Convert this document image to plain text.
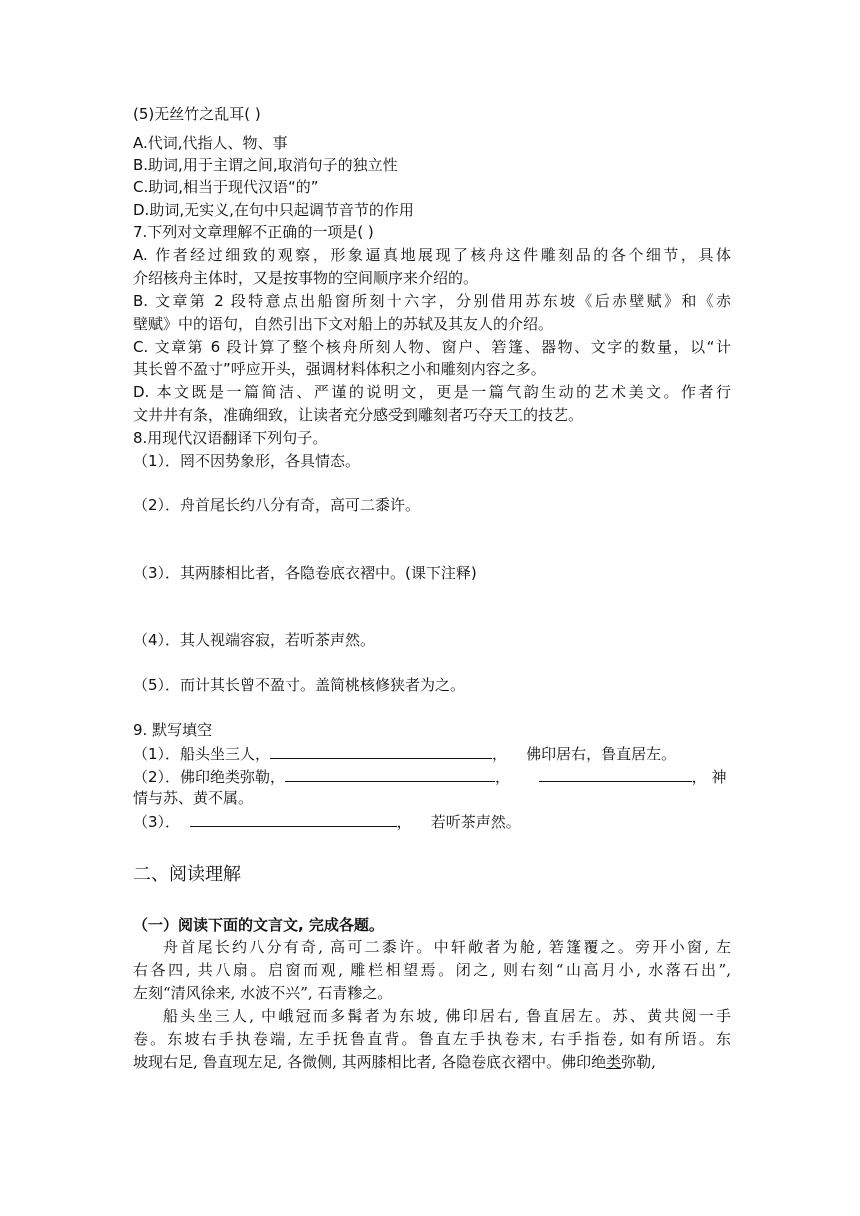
(5)无丝竹之乱耳( )
A.代词,代指人、物、事
B.助词,用于主谓之间,取消句子的独立性
C.助词,相当于现代汉语“的”
D.助词,无实义,在句中只起调节音节的作用
7.下列对文章理解不正确的一项是( )
A. 作者经过细致的观察，形象逼真地展现了核舟这件雕刻品的各个细节，具体
介绍核舟主体时，又是按事物的空间顺序来介绍的。
B. 文章第 2 段特意点出船窗所刻十六字，分别借用苏东坡《后赤壁赋》和《赤
壁赋》中的语句，自然引出下文对船上的苏轼及其友人的介绍。
C. 文章第 6 段计算了整个核舟所刻人物、窗户、箬篷、器物、文字的数量，以“计
其长曾不盈寸”呼应开头，强调材料体积之小和雕刻内容之多。
D. 本文既是一篇简洁、严谨的说明文，更是一篇气韵生动的艺术美文。作者行
文井井有条，准确细致，让读者充分感受到雕刻者巧夺天工的技艺。
8.用现代汉语翻译下列句子。
（1）．罔不因势象形，各具情态。
（2）．舟首尾长约八分有奇，高可二黍许。
（3）．其两膝相比者，各隐卷底衣褶中。(课下注释)
（4）．其人视端容寂，若听茶声然。
（5）．而计其长曾不盈寸。盖简桃核修狭者为之。
9. 默写填空
（1）．船头坐三人，	， 佛印居右，鲁直居左。
（2）．佛印绝类弥勒，	，	， 神
情与苏、黄不属。
（3）．	， 若听茶声然。
二、阅读理解
（一）阅读下面的文言文, 完成各题。
舟首尾长约八分有奇, 高可二黍许。中轩敞者为舱, 箬篷覆之。旁开小窗, 左
右各四, 共八扇。启窗而观, 雕栏相望焉。闭之, 则右刻“山高月小, 水落石出”,
左刻“清风徐来, 水波不兴”, 石青糁之。
船头坐三人, 中峨冠而多髯者为东坡, 佛印居右, 鲁直居左。苏、黄共阅一手
卷。东坡右手执卷端, 左手抚鲁直背。鲁直左手执卷末, 右手指卷, 如有所语。东
坡现右足, 鲁直现左足, 各微侧, 其两膝相比者, 各隐卷底衣褶中。佛印绝类弥勒,
